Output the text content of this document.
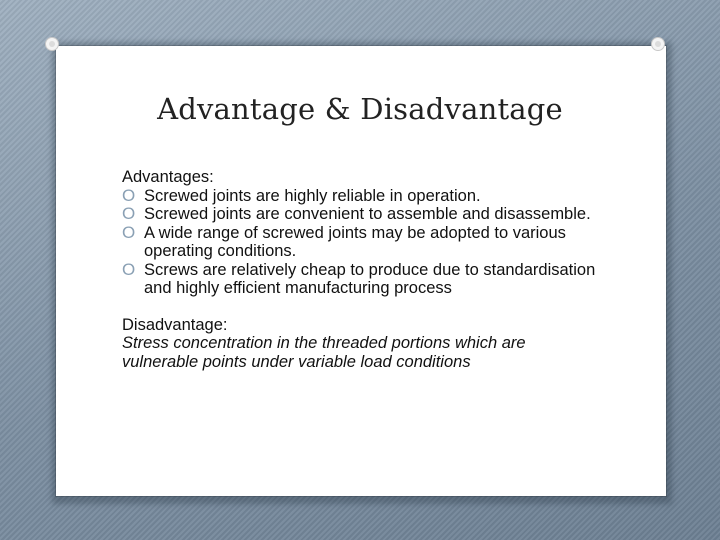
Advantage & Disadvantage

Advantages:

O Screwed joints are highly reliable in operation.
O Screwed joints are convenient to assemble and disassemble.
O A wide range of screwed joints may be adopted to various operating conditions.
O Screws are relatively cheap to produce due to standardisation and highly efficient manufacturing process

Disadvantage:

Stress concentration in the threaded portions which are vulnerable points under variable load conditions
